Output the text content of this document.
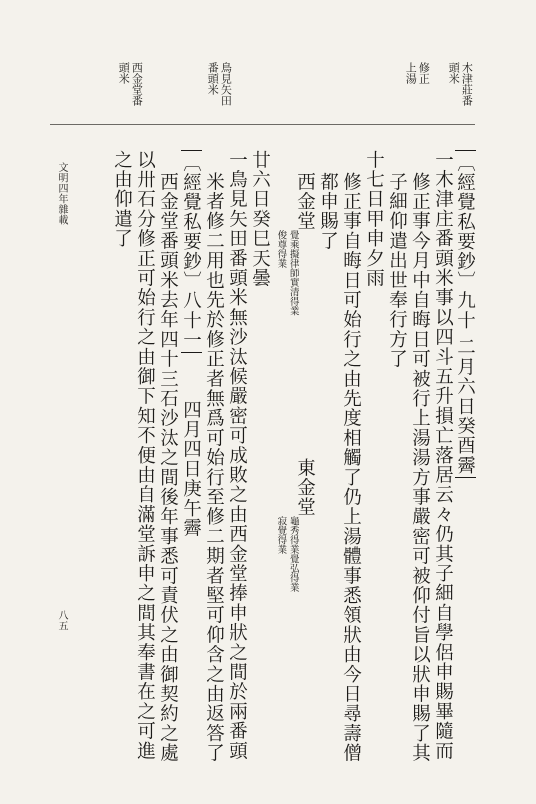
木津莊番
頭米
修正
上湯
鳥見矢田
番頭米
西金堂番
頭米
〔經覺私要鈔〕九十 二月六日癸酉霽
一木津庄番頭米事以四斗五升損亡落居云々仍其子細自學侶申賜畢隨而
修正事今月中自晦日可被行上湯湯方事嚴密可被仰付旨以狀申賜了其
子細仰遣出世奉行方了
十七日甲申夕雨
修正事自晦日可始行之由先度相觸了仍上湯體事悉領狀由今日尋壽僧
都申賜了
西金堂
覺乘擬律師實清得業
俊尊得業
東金堂
龜秀得業覺弘得業
寂覺得業
廿六日癸巳天曇
一鳥見矢田番頭米無沙汰候嚴密可成敗之由西金堂捧申狀之間於兩番頭
米者修二用也先於修正者無爲可始行至修二期者堅可仰含之由返答了
〔經覺私要鈔〕八十一
四月四日庚午霽
西金堂番頭米去年四十三石沙汰之間後年事悉可責伏之由御契約之處
以卅石分修正可始行之由御下知不便由自滿堂訴申之間其奉書在之可進
之由仰遣了
文明四年雜載
八五
